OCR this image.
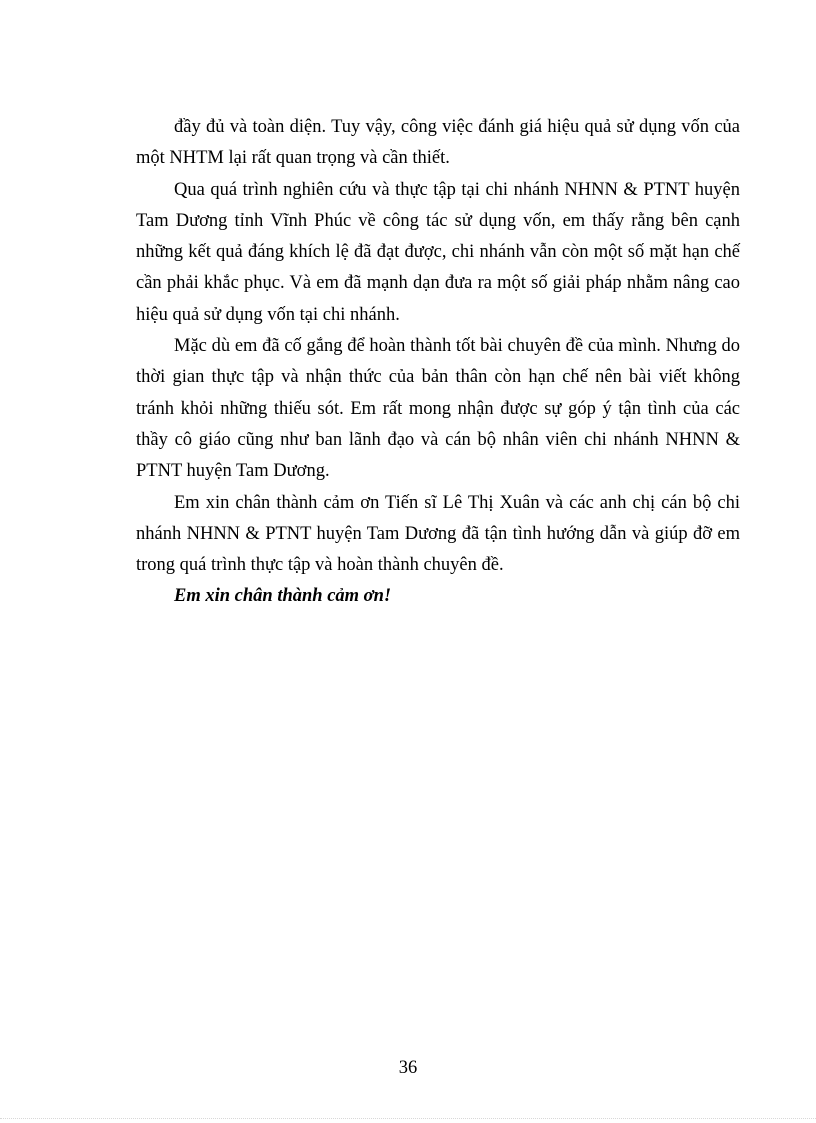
đầy đủ và toàn diện. Tuy vậy, công việc đánh giá hiệu quả sử dụng vốn của một NHTM lại rất quan trọng và cần thiết.

Qua quá trình nghiên cứu và thực tập tại chi nhánh NHNN & PTNT huyện Tam Dương tỉnh Vĩnh Phúc về công tác sử dụng vốn, em thấy rằng bên cạnh những kết quả đáng khích lệ đã đạt được, chi nhánh vẫn còn một số mặt hạn chế cần phải khắc phục. Và em đã mạnh dạn đưa ra một số giải pháp nhằm nâng cao hiệu quả sử dụng vốn tại chi nhánh.

Mặc dù em đã cố gắng để hoàn thành tốt bài chuyên đề của mình. Nhưng do thời gian thực tập và nhận thức của bản thân còn hạn chế nên bài viết không tránh khỏi những thiếu sót. Em rất mong nhận được sự góp ý tận tình của các thầy cô giáo cũng như ban lãnh đạo và cán bộ nhân viên chi nhánh NHNN & PTNT huyện Tam Dương.

Em xin chân thành cảm ơn Tiến sĩ Lê Thị Xuân và các anh chị cán bộ chi nhánh NHNN & PTNT huyện Tam Dương đã tận tình hướng dẫn và giúp đỡ em trong quá trình thực tập và hoàn thành chuyên đề.

Em xin chân thành cảm ơn!

36
